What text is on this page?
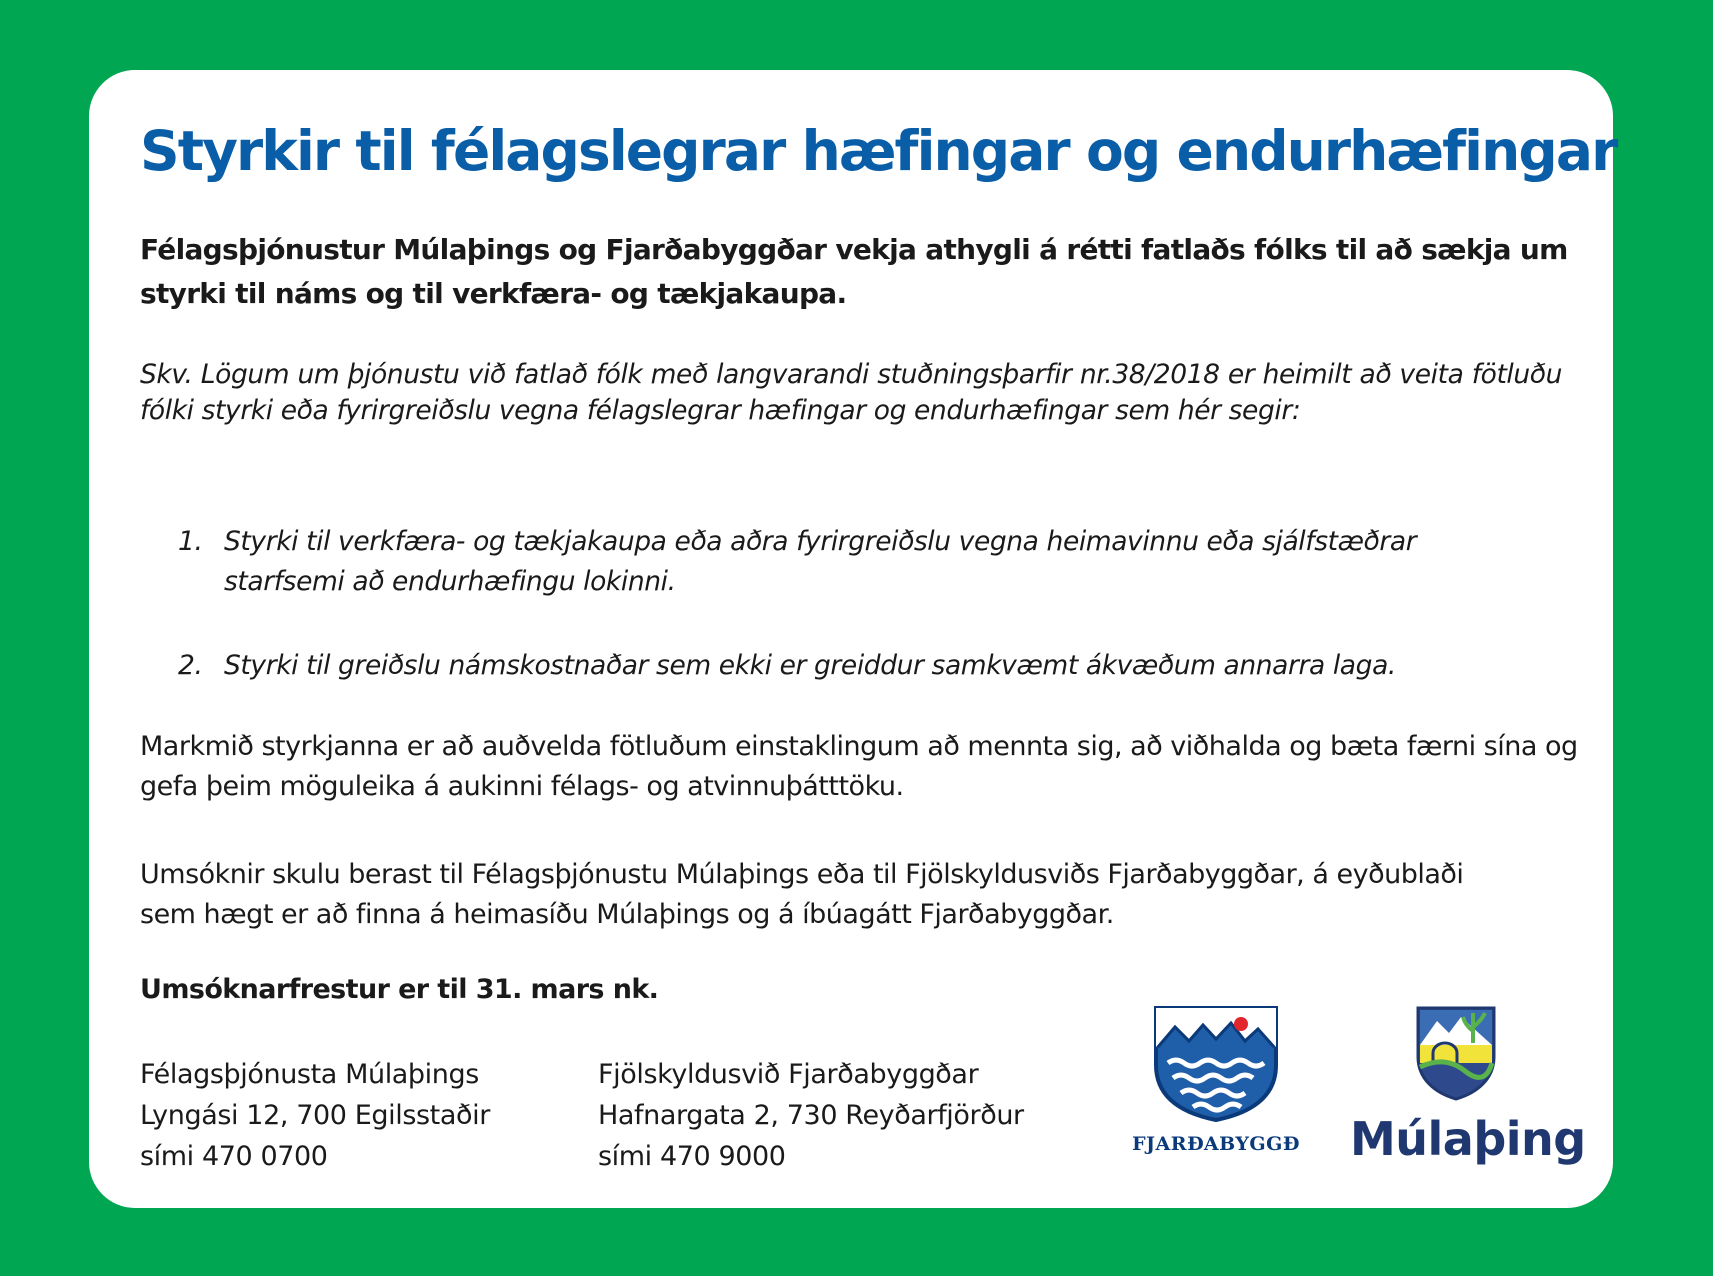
Styrkir til félagslegrar hæfingar og endurhæfingar

Félagsþjónustur Múlaþings og Fjarðabyggðar vekja athygli á rétti fatlaðs fólks til að sækja um styrki til náms og til verkfæra- og tækjakaupa.

Skv. Lögum um þjónustu við fatlað fólk með langvarandi stuðningsþarfir nr.38/2018 er heimilt að veita fötluðu fólki styrki eða fyrirgreiðslu vegna félagslegrar hæfingar og endurhæfingar sem hér segir:

1. Styrki til verkfæra- og tækjakaupa eða aðra fyrirgreiðslu vegna heimavinnu eða sjálfstæðrar starfsemi að endurhæfingu lokinni.
2. Styrki til greiðslu námskostnaðar sem ekki er greiddur samkvæmt ákvæðum annarra laga.

Markmið styrkjanna er að auðvelda fötluðum einstaklingum að mennta sig, að viðhalda og bæta færni sína og gefa þeim möguleika á aukinni félags- og atvinnuþátttöku.

Umsóknir skulu berast til Félagsþjónustu Múlaþings eða til Fjölskyldusviðs Fjarðabyggðar, á eyðublaði sem hægt er að finna á heimasíðu Múlaþings og á íbúagátt Fjarðabyggðar.

Umsóknarfrestur er til 31. mars nk.

Félagsþjónusta Múlaþings
Lyngási 12, 700 Egilsstaðir
sími 470 0700
Fjölskyldusvið Fjarðabyggðar
Hafnargata 2, 730 Reyðarfjörður
sími 470 9000	FJARÐABYGGÐ Múlaþing
